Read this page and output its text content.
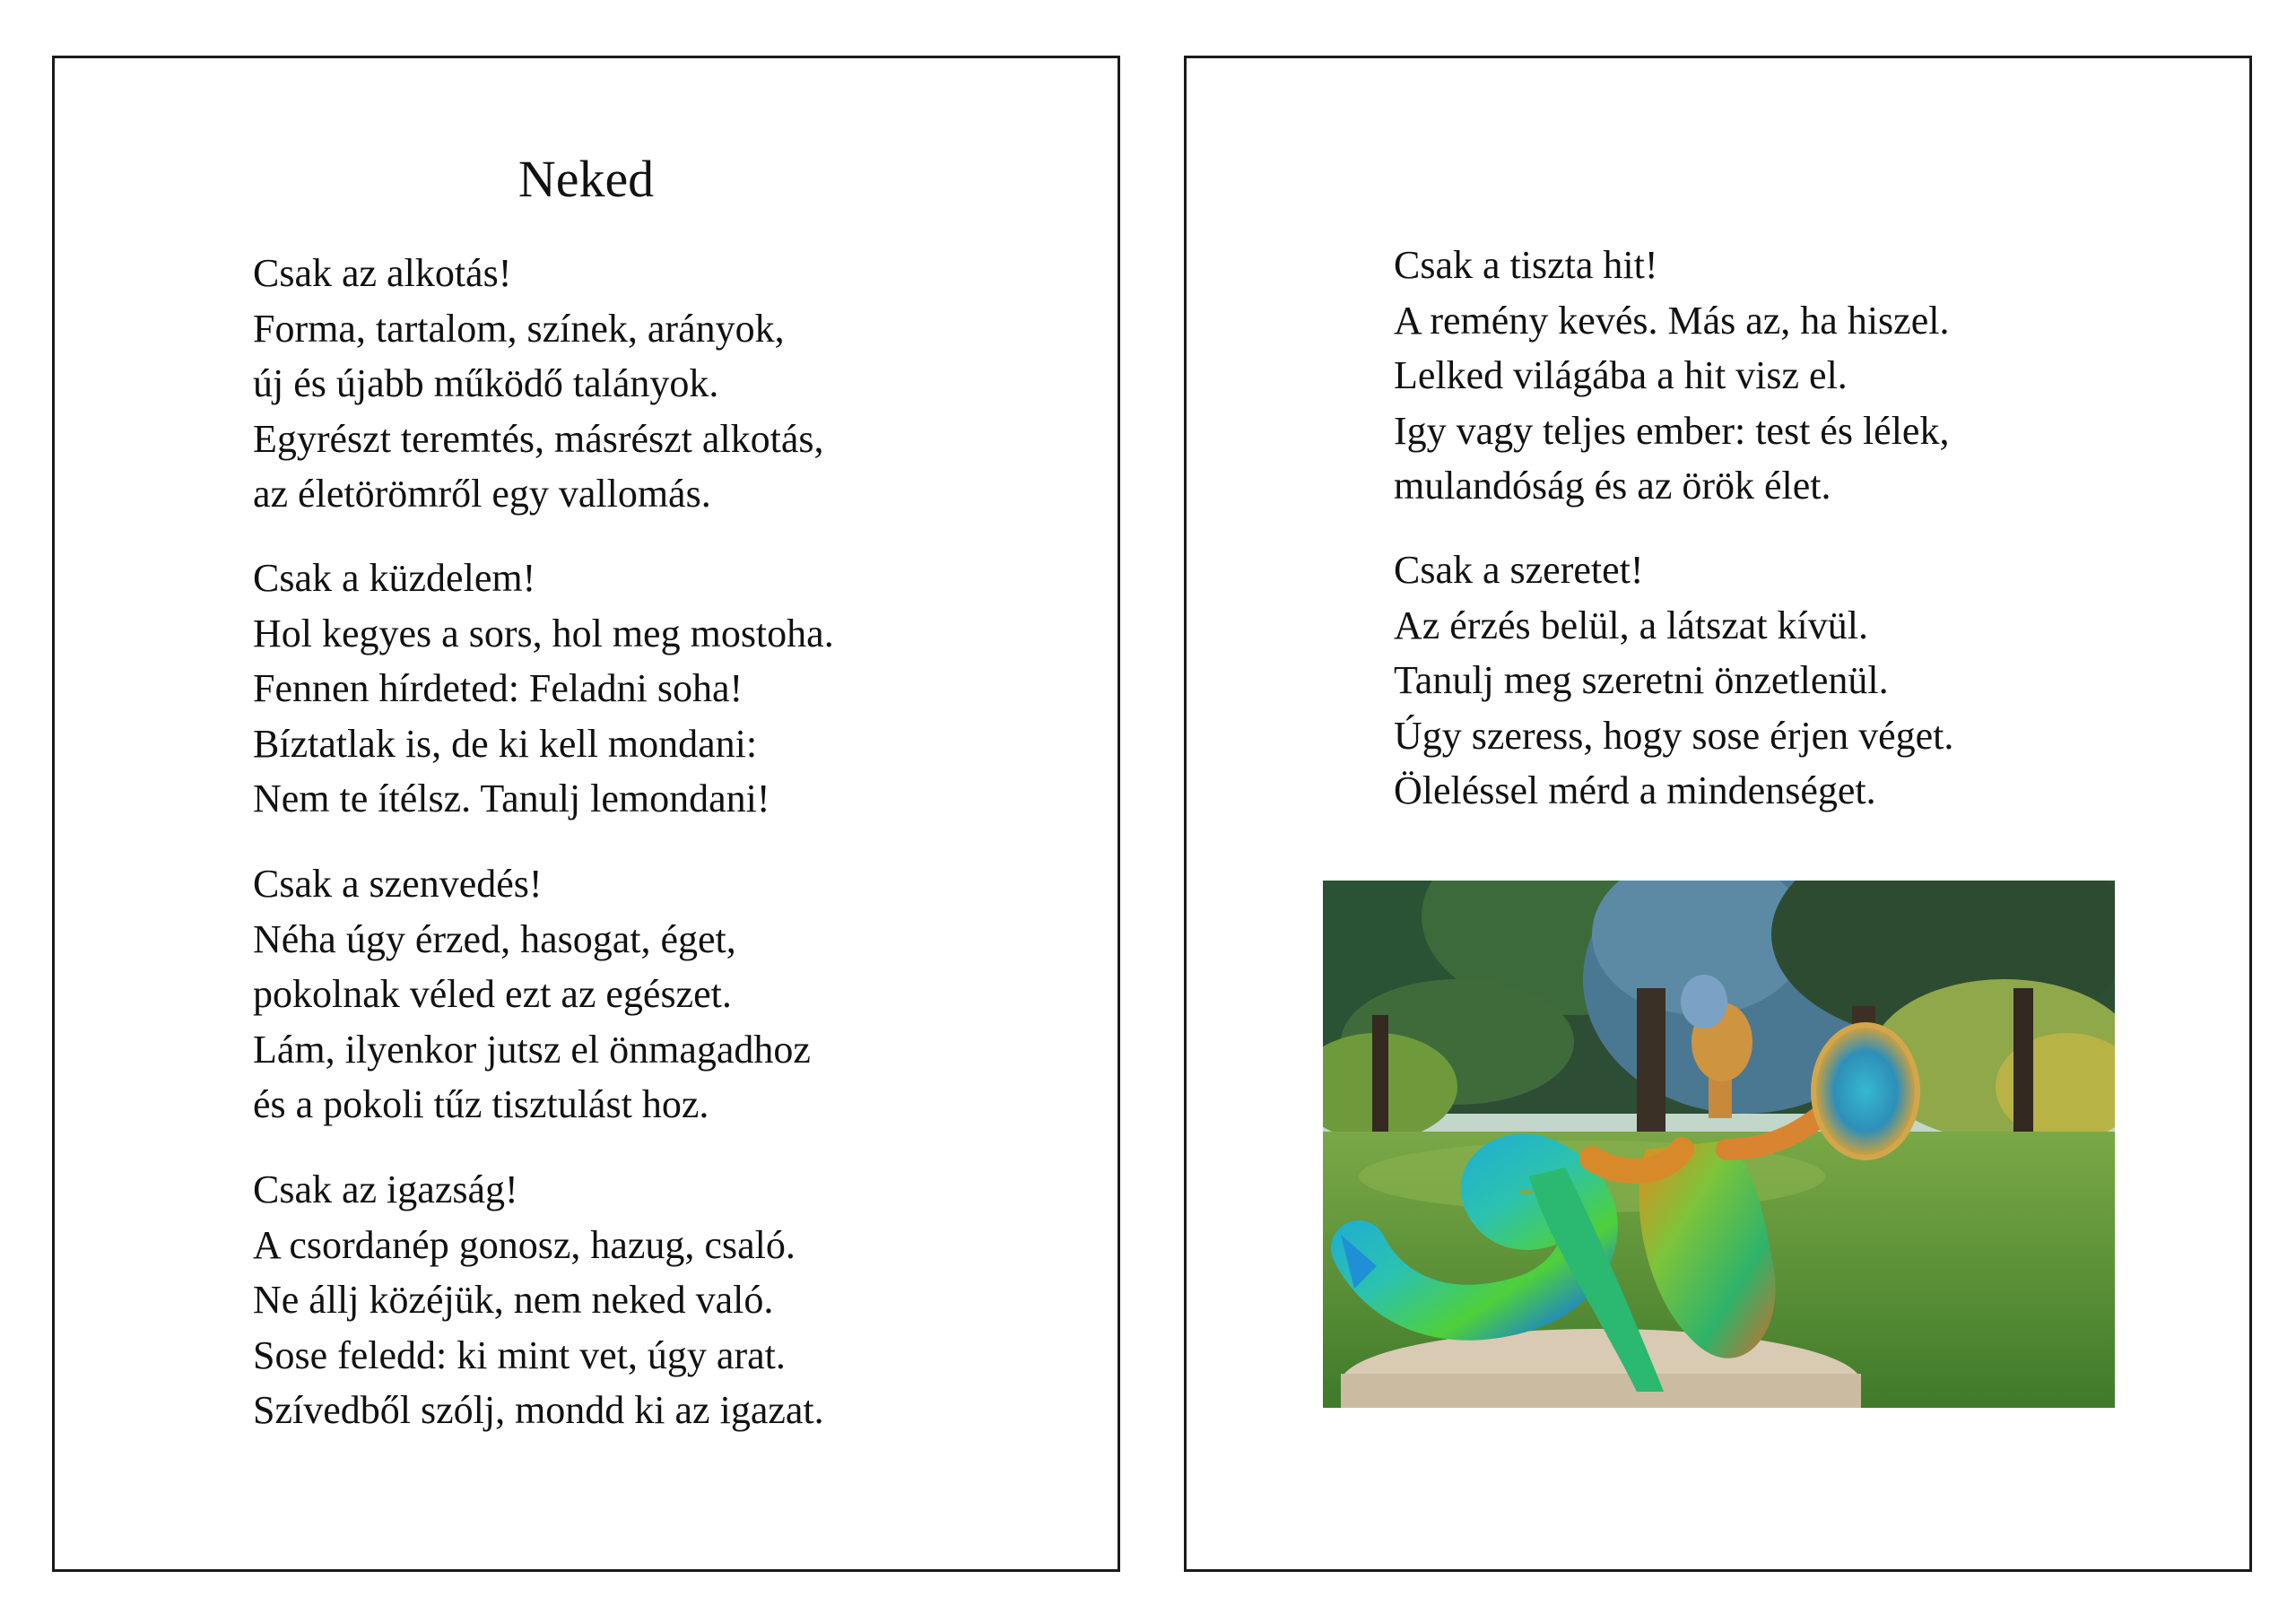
Neked
Csak az alkotás!
Forma, tartalom, színek, arányok,
új és újabb működő talányok.
Egyrészt teremtés, másrészt alkotás,
az életörömről egy vallomás.
Csak a küzdelem!
Hol kegyes a sors, hol meg mostoha.
Fennen hírdeted: Feladni soha!
Bíztatlak is, de ki kell mondani:
Nem te ítélsz. Tanulj lemondani!
Csak a szenvedés!
Néha úgy érzed, hasogat, éget,
pokolnak véled ezt az egészet.
Lám, ilyenkor jutsz el önmagadhoz
és a pokoli tűz tisztulást hoz.
Csak az igazság!
A csordanép gonosz, hazug, csaló.
Ne állj közéjük, nem neked való.
Sose feledd: ki mint vet, úgy arat.
Szívedből szólj, mondd ki az igazat.
Csak a tiszta hit!
A remény kevés. Más az, ha hiszel.
Lelked világába a hit visz el.
Igy vagy teljes ember: test és lélek,
mulandóság és az örök élet.
Csak a szeretet!
Az érzés belül, a látszat kívül.
Tanulj meg szeretni önzetlenül.
Úgy szeress, hogy sose érjen véget.
Öleléssel mérd a mindenséget.
